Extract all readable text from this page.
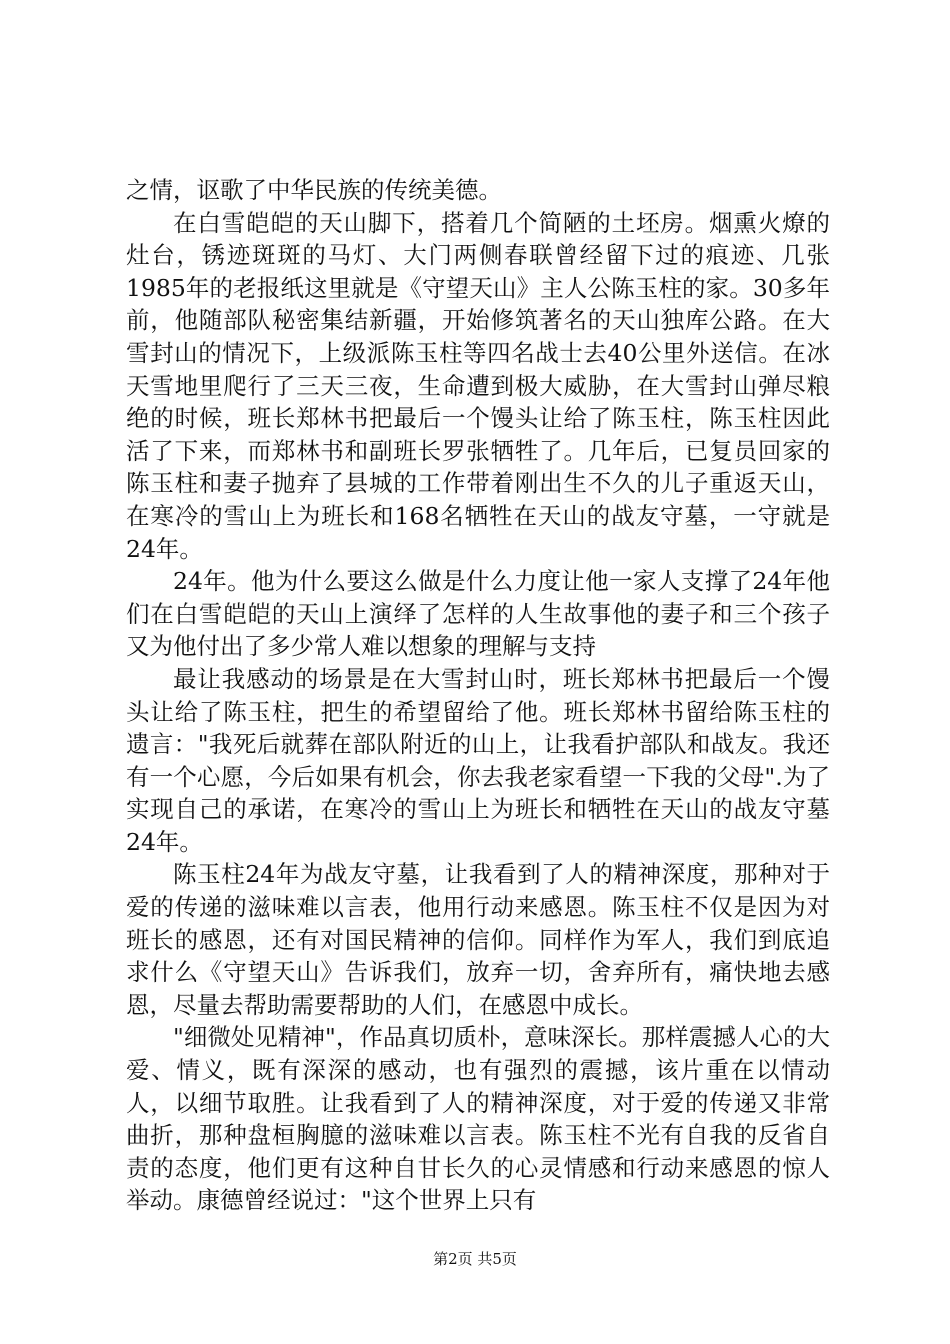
之情，讴歌了中华民族的传统美德。

在白雪皑皑的天山脚下，搭着几个简陋的土坯房。烟熏火燎的灶台，锈迹斑斑的马灯、大门两侧春联曾经留下过的痕迹、几张1985年的老报纸这里就是《守望天山》主人公陈玉柱的家。30多年前，他随部队秘密集结新疆，开始修筑著名的天山独库公路。在大雪封山的情况下，上级派陈玉柱等四名战士去40公里外送信。在冰天雪地里爬行了三天三夜，生命遭到极大威胁，在大雪封山弹尽粮绝的时候，班长郑林书把最后一个馒头让给了陈玉柱，陈玉柱因此活了下来，而郑林书和副班长罗张牺牲了。几年后，已复员回家的陈玉柱和妻子抛弃了县城的工作带着刚出生不久的儿子重返天山，在寒冷的雪山上为班长和168名牺牲在天山的战友守墓，一守就是24年。

24年。他为什么要这么做是什么力度让他一家人支撑了24年他们在白雪皑皑的天山上演绎了怎样的人生故事他的妻子和三个孩子又为他付出了多少常人难以想象的理解与支持

最让我感动的场景是在大雪封山时，班长郑林书把最后一个馒头让给了陈玉柱，把生的希望留给了他。班长郑林书留给陈玉柱的遗言："我死后就葬在部队附近的山上，让我看护部队和战友。我还有一个心愿，今后如果有机会，你去我老家看望一下我的父母".为了实现自己的承诺，在寒冷的雪山上为班长和牺牲在天山的战友守墓24年。

陈玉柱24年为战友守墓，让我看到了人的精神深度，那种对于爱的传递的滋味难以言表，他用行动来感恩。陈玉柱不仅是因为对班长的感恩，还有对国民精神的信仰。同样作为军人，我们到底追求什么《守望天山》告诉我们，放弃一切，舍弃所有，痛快地去感恩，尽量去帮助需要帮助的人们，在感恩中成长。

"细微处见精神"，作品真切质朴，意味深长。那样震撼人心的大爱、情义，既有深深的感动，也有强烈的震撼，该片重在以情动人，以细节取胜。让我看到了人的精神深度，对于爱的传递又非常曲折，那种盘桓胸臆的滋味难以言表。陈玉柱不光有自我的反省自责的态度，他们更有这种自甘长久的心灵情感和行动来感恩的惊人举动。康德曾经说过："这个世界上只有

第2页 共5页
